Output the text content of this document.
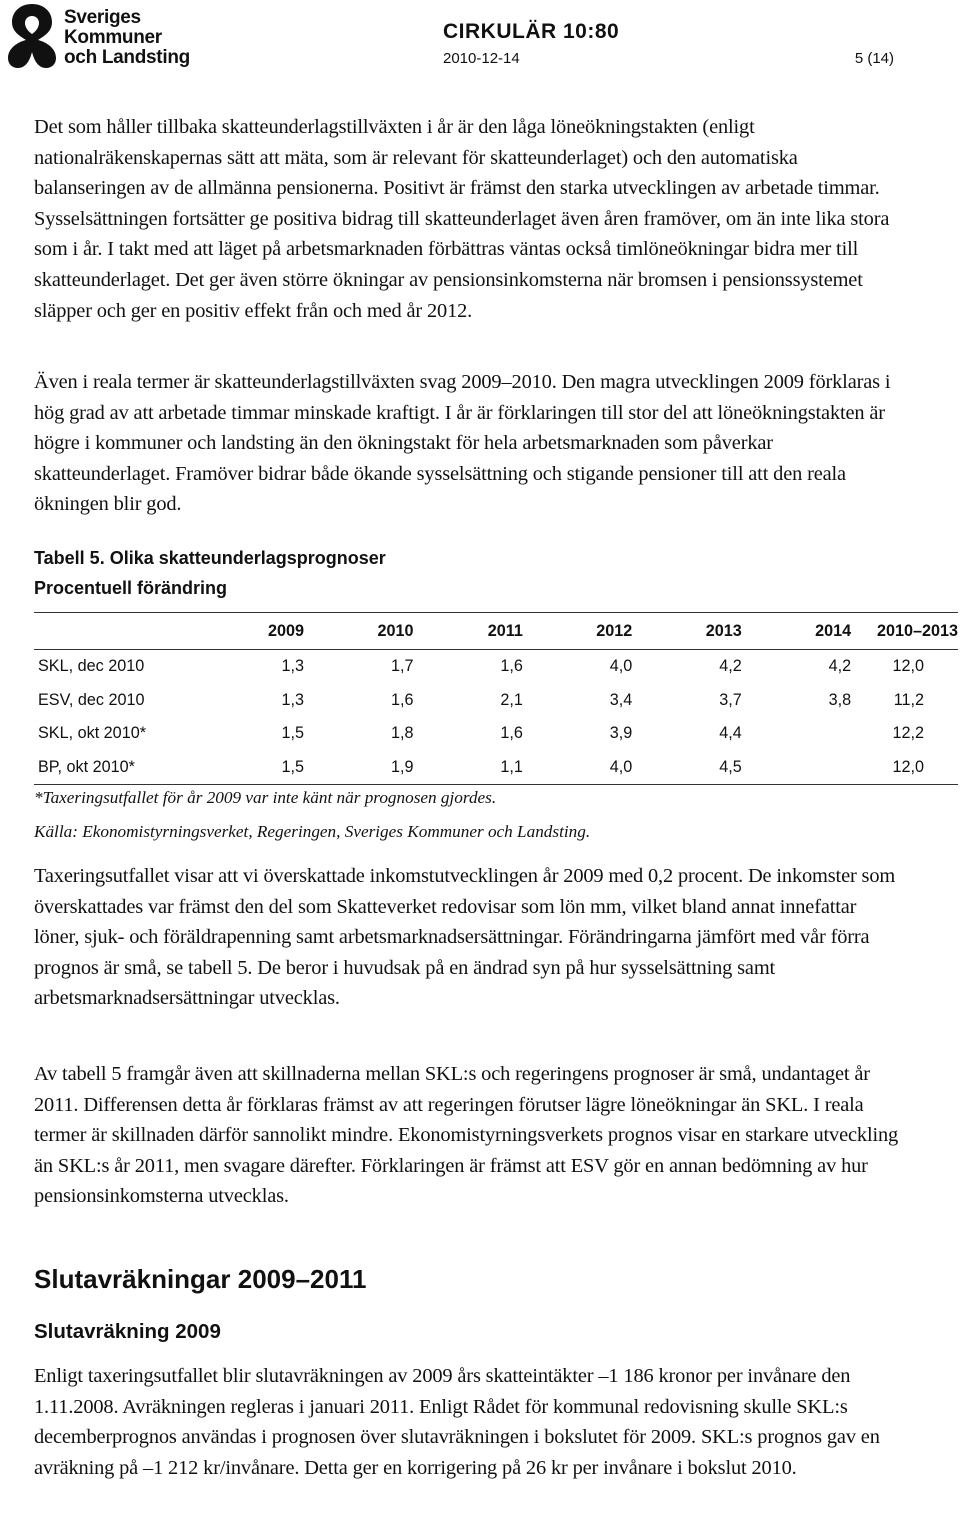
Sveriges
Kommuner
och Landsting
CIRKULÄR 10:80
2010-12-14	5 (14)

Det som håller tillbaka skatteunderlagstillväxten i år är den låga löneökningstakten (enligt nationalräkenskapernas sätt att mäta, som är relevant för skatteunderlaget) och den automatiska balanseringen av de allmänna pensionerna. Positivt är främst den starka utvecklingen av arbetade timmar. Sysselsättningen fortsätter ge positiva bidrag till skatteunderlaget även åren framöver, om än inte lika stora som i år. I takt med att läget på arbetsmarknaden förbättras väntas också timlöneökningar bidra mer till skatteunderlaget. Det ger även större ökningar av pensionsinkomsterna när bromsen i pensionssystemet släpper och ger en positiv effekt från och med år 2012.

Även i reala termer är skatteunderlagstillväxten svag 2009–2010. Den magra utvecklingen 2009 förklaras i hög grad av att arbetade timmar minskade kraftigt. I år är förklaringen till stor del att löneökningstakten är högre i kommuner och landsting än den ökningstakt för hela arbetsmarknaden som påverkar skatteunderlaget. Framöver bidrar både ökande sysselsättning och stigande pensioner till att den reala ökningen blir god.

Tabell 5. Olika skatteunderlagsprognoser

Procentuell förändring

	2009	2010	2011	2012	2013	2014	2010–2013
SKL, dec 2010	1,3	1,7	1,6	4,0	4,2	4,2	12,0
ESV, dec 2010	1,3	1,6	2,1	3,4	3,7	3,8	11,2
SKL, okt 2010*	1,5	1,8	1,6	3,9	4,4		12,2
BP, okt 2010*	1,5	1,9	1,1	4,0	4,5		12,0

*Taxeringsutfallet för år 2009 var inte känt när prognosen gjordes.

Källa: Ekonomistyrningsverket, Regeringen, Sveriges Kommuner och Landsting.

Taxeringsutfallet visar att vi överskattade inkomstutvecklingen år 2009 med 0,2 procent. De inkomster som överskattades var främst den del som Skatteverket redovisar som lön mm, vilket bland annat innefattar löner, sjuk- och föräldrapenning samt arbetsmarknadsersättningar. Förändringarna jämfört med vår förra prognos är små, se tabell 5. De beror i huvudsak på en ändrad syn på hur sysselsättning samt arbetsmarknadsersättningar utvecklas.

Av tabell 5 framgår även att skillnaderna mellan SKL:s och regeringens prognoser är små, undantaget år 2011. Differensen detta år förklaras främst av att regeringen förutser lägre löneökningar än SKL. I reala termer är skillnaden därför sannolikt mindre. Ekonomistyrningsverkets prognos visar en starkare utveckling än SKL:s år 2011, men svagare därefter. Förklaringen är främst att ESV gör en annan bedömning av hur pensionsinkomsterna utvecklas.

Slutavräkningar 2009–2011
Slutavräkning 2009

Enligt taxeringsutfallet blir slutavräkningen av 2009 års skatteintäkter –1 186 kronor per invånare den 1.11.2008. Avräkningen regleras i januari 2011. Enligt Rådet för kommunal redovisning skulle SKL:s decemberprognos användas i prognosen över slutavräkningen i bokslutet för 2009. SKL:s prognos gav en avräkning på –1 212 kr/invånare. Detta ger en korrigering på 26 kr per invånare i bokslut 2010.
